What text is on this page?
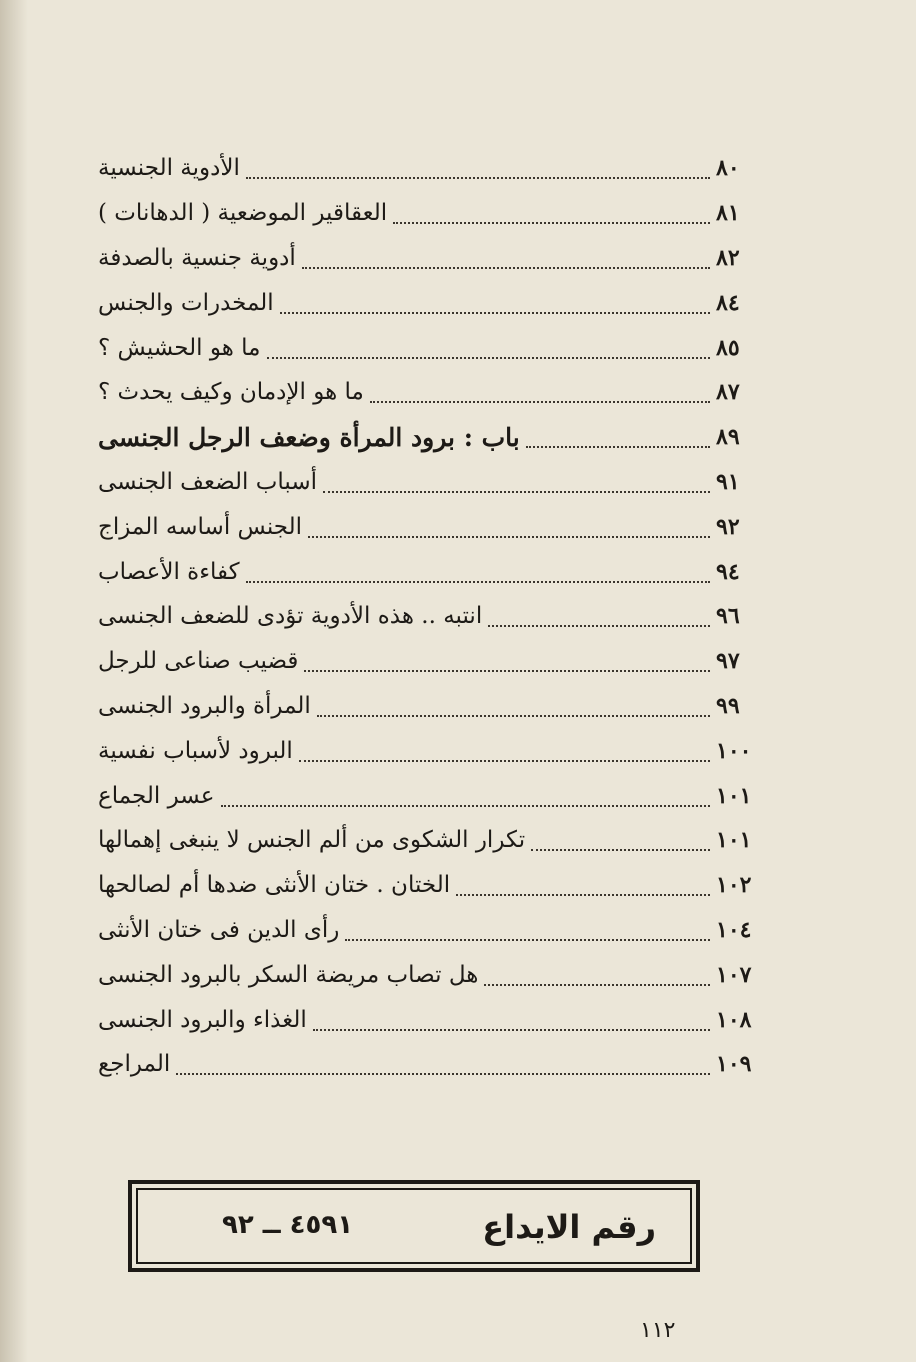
الأدوية الجنسية	٨٠
العقاقير الموضعية ( الدهانات )	٨١
أدوية جنسية بالصدفة	٨٢
المخدرات والجنس	٨٤
ما هو الحشيش ؟	٨٥
ما هو الإدمان وكيف يحدث ؟	٨٧
باب : برود المرأة وضعف الرجل الجنسى	٨٩
أسباب الضعف الجنسى	٩١
الجنس أساسه المزاج	٩٢
كفاءة الأعصاب	٩٤
انتبه .. هذه الأدوية تؤدى للضعف الجنسى	٩٦
قضيب صناعى للرجل	٩٧
المرأة والبرود الجنسى	٩٩
البرود لأسباب نفسية	١٠٠
عسر الجماع	١٠١
تكرار الشكوى من ألم الجنس لا ينبغى إهمالها	١٠١
الختان . ختان الأنثى ضدها أم لصالحها	١٠٢
رأى الدين فى ختان الأنثى	١٠٤
هل تصاب مريضة السكر بالبرود الجنسى	١٠٧
الغذاء والبرود الجنسى	١٠٨
المراجع	١٠٩
رقم الايداع
٤٥٩١ ــ ٩٢
١١٢
